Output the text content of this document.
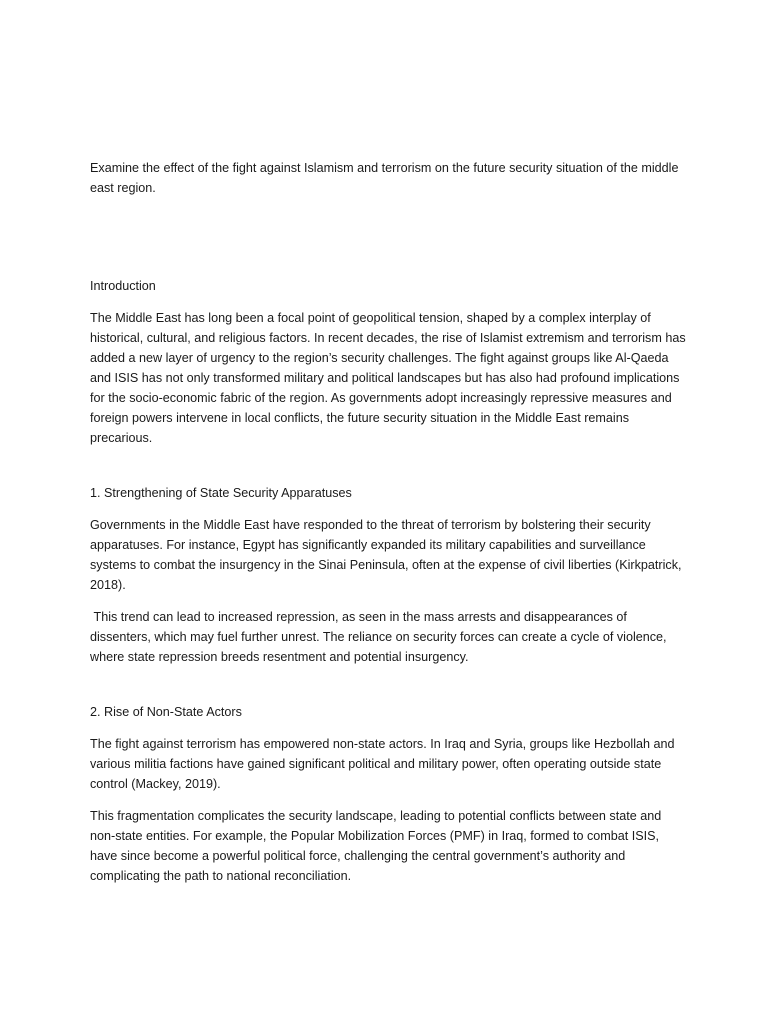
Examine the effect of the fight against Islamism and terrorism on the future security situation of the middle east region.

Introduction

The Middle East has long been a focal point of geopolitical tension, shaped by a complex interplay of historical, cultural, and religious factors. In recent decades, the rise of Islamist extremism and terrorism has added a new layer of urgency to the region’s security challenges. The fight against groups like Al-Qaeda and ISIS has not only transformed military and political landscapes but has also had profound implications for the socio-economic fabric of the region. As governments adopt increasingly repressive measures and foreign powers intervene in local conflicts, the future security situation in the Middle East remains precarious.

1. Strengthening of State Security Apparatuses

Governments in the Middle East have responded to the threat of terrorism by bolstering their security apparatuses. For instance, Egypt has significantly expanded its military capabilities and surveillance systems to combat the insurgency in the Sinai Peninsula, often at the expense of civil liberties (Kirkpatrick, 2018).

This trend can lead to increased repression, as seen in the mass arrests and disappearances of dissenters, which may fuel further unrest. The reliance on security forces can create a cycle of violence, where state repression breeds resentment and potential insurgency.

2. Rise of Non-State Actors

The fight against terrorism has empowered non-state actors. In Iraq and Syria, groups like Hezbollah and various militia factions have gained significant political and military power, often operating outside state control (Mackey, 2019).

This fragmentation complicates the security landscape, leading to potential conflicts between state and non-state entities. For example, the Popular Mobilization Forces (PMF) in Iraq, formed to combat ISIS, have since become a powerful political force, challenging the central government’s authority and complicating the path to national reconciliation.
